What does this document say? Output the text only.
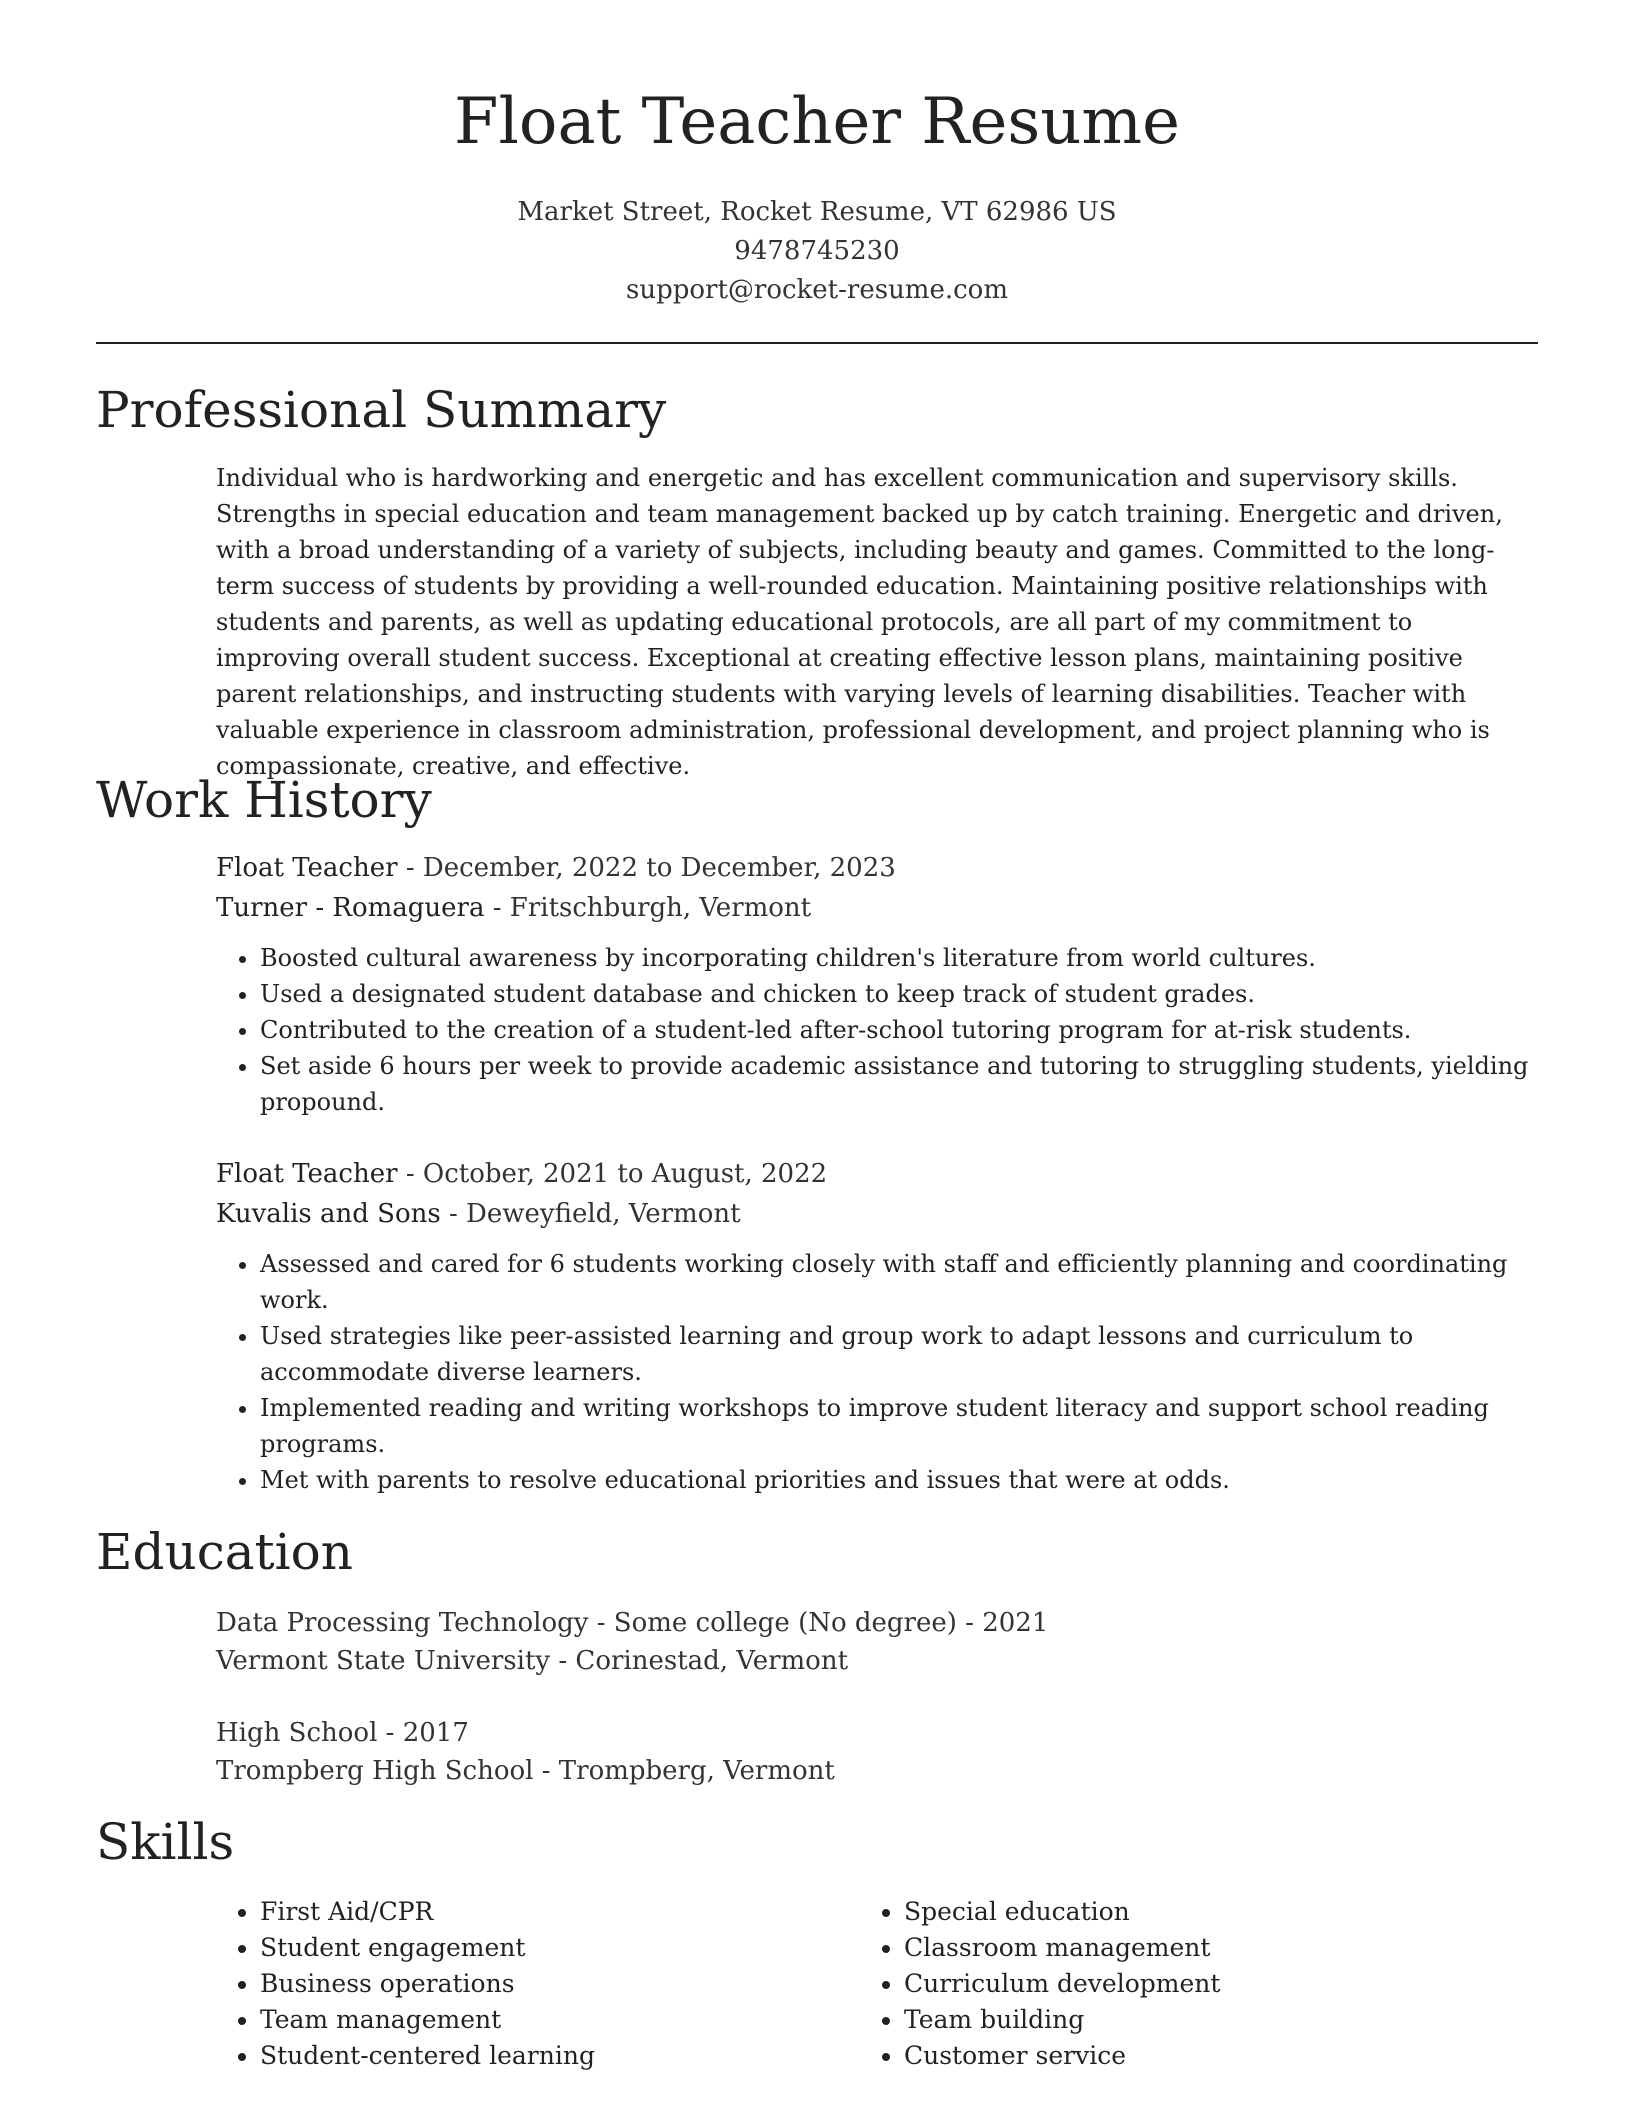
Float Teacher Resume
Market Street, Rocket Resume, VT 62986 US
9478745230
support@rocket-resume.com
Professional Summary
Individual who is hardworking and energetic and has excellent communication and supervisory skills. Strengths in special education and team management backed up by catch training. Energetic and driven, with a broad understanding of a variety of subjects, including beauty and games. Committed to the long-term success of students by providing a well-rounded education. Maintaining positive relationships with students and parents, as well as updating educational protocols, are all part of my commitment to improving overall student success. Exceptional at creating effective lesson plans, maintaining positive parent relationships, and instructing students with varying levels of learning disabilities. Teacher with valuable experience in classroom administration, professional development, and project planning who is compassionate, creative, and effective.
Work History
Float Teacher - December, 2022 to December, 2023
Turner - Romaguera - Fritschburgh, Vermont
• Boosted cultural awareness by incorporating children's literature from world cultures.
• Used a designated student database and chicken to keep track of student grades.
• Contributed to the creation of a student-led after-school tutoring program for at-risk students.
• Set aside 6 hours per week to provide academic assistance and tutoring to struggling students, yielding propound.
Float Teacher - October, 2021 to August, 2022
Kuvalis and Sons - Deweyfield, Vermont
• Assessed and cared for 6 students working closely with staff and efficiently planning and coordinating work.
• Used strategies like peer-assisted learning and group work to adapt lessons and curriculum to accommodate diverse learners.
• Implemented reading and writing workshops to improve student literacy and support school reading programs.
• Met with parents to resolve educational priorities and issues that were at odds.
Education
Data Processing Technology - Some college (No degree) - 2021
Vermont State University - Corinestad, Vermont
High School - 2017
Trompberg High School - Trompberg, Vermont
Skills
• First Aid/CPR
• Student engagement
• Business operations
• Team management
• Student-centered learning
• Special education
• Classroom management
• Curriculum development
• Team building
• Customer service
